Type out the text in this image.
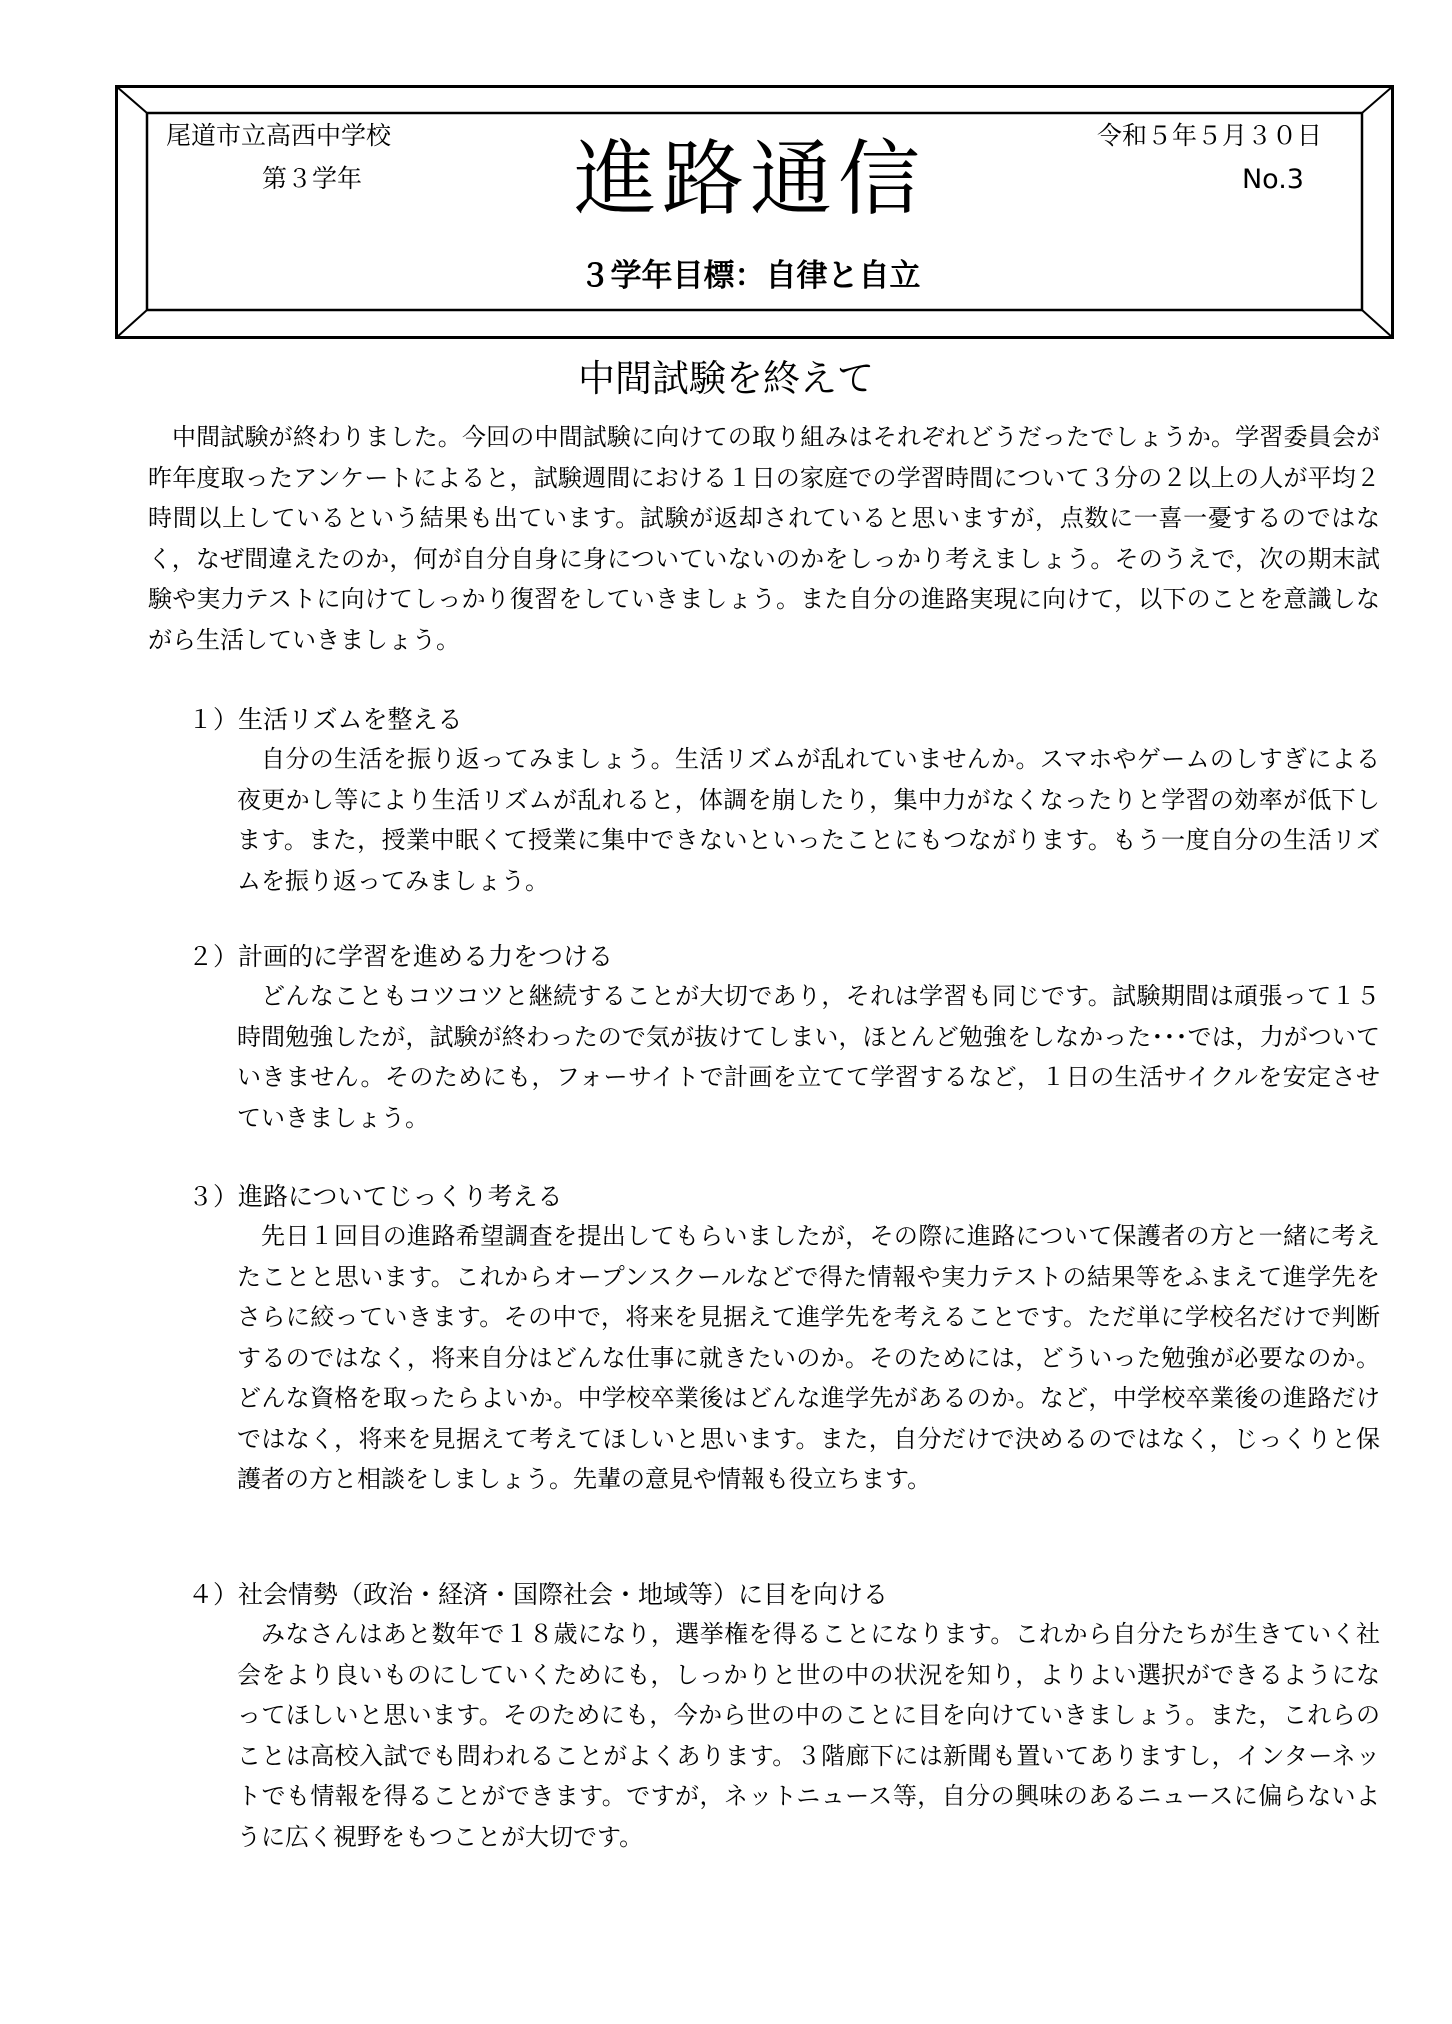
尾道市立高西中学校
第３学年	進路通信	令和５年５月３０日
No.3
３学年目標：自律と自立
中間試験を終えて

中間試験が終わりました。今回の中間試験に向けての取り組みはそれぞれどうだったでしょうか。学習委員会が昨年度取ったアンケートによると，試験週間における１日の家庭での学習時間について３分の２以上の人が平均２時間以上しているという結果も出ています。試験が返却されていると思いますが，点数に一喜一憂するのではなく，なぜ間違えたのか，何が自分自身に身についていないのかをしっかり考えましょう。そのうえで，次の期末試験や実力テストに向けてしっかり復習をしていきましょう。また自分の進路実現に向けて，以下のことを意識しながら生活していきましょう。

１）生活リズムを整える

自分の生活を振り返ってみましょう。生活リズムが乱れていませんか。スマホやゲームのしすぎによる夜更かし等により生活リズムが乱れると，体調を崩したり，集中力がなくなったりと学習の効率が低下します。また，授業中眠くて授業に集中できないといったことにもつながります。もう一度自分の生活リズムを振り返ってみましょう。

２）計画的に学習を進める力をつける

どんなこともコツコツと継続することが大切であり，それは学習も同じです。試験期間は頑張って１５ 時間勉強したが，試験が終わったので気が抜けてしまい，ほとんど勉強をしなかった･･･では，力がついていきません。そのためにも，フォーサイトで計画を立てて学習するなど，１日の生活サイクルを安定させていきましょう。

３）進路についてじっくり考える

先日１回目の進路希望調査を提出してもらいましたが，その際に進路について保護者の方と一緒に考えたことと思います。これからオープンスクールなどで得た情報や実力テストの結果等をふまえて進学先をさらに絞っていきます。その中で，将来を見据えて進学先を考えることです。ただ単に学校名だけで判断するのではなく，将来自分はどんな仕事に就きたいのか。そのためには，どういった勉強が必要なのか。どんな資格を取ったらよいか。中学校卒業後はどんな進学先があるのか。など，中学校卒業後の進路だけではなく，将来を見据えて考えてほしいと思います。また，自分だけで決めるのではなく，じっくりと保護者の方と相談をしましょう。先輩の意見や情報も役立ちます。

４）社会情勢（政治・経済・国際社会・地域等）に目を向ける

みなさんはあと数年で１８歳になり，選挙権を得ることになります。これから自分たちが生きていく社会をより良いものにしていくためにも，しっかりと世の中の状況を知り，よりよい選択ができるようになってほしいと思います。そのためにも，今から世の中のことに目を向けていきましょう。また，これらのことは高校入試でも問われることがよくあります。３階廊下には新聞も置いてありますし，インターネットでも情報を得ることができます。ですが，ネットニュース等，自分の興味のあるニュースに偏らないように広く視野をもつことが大切です。
